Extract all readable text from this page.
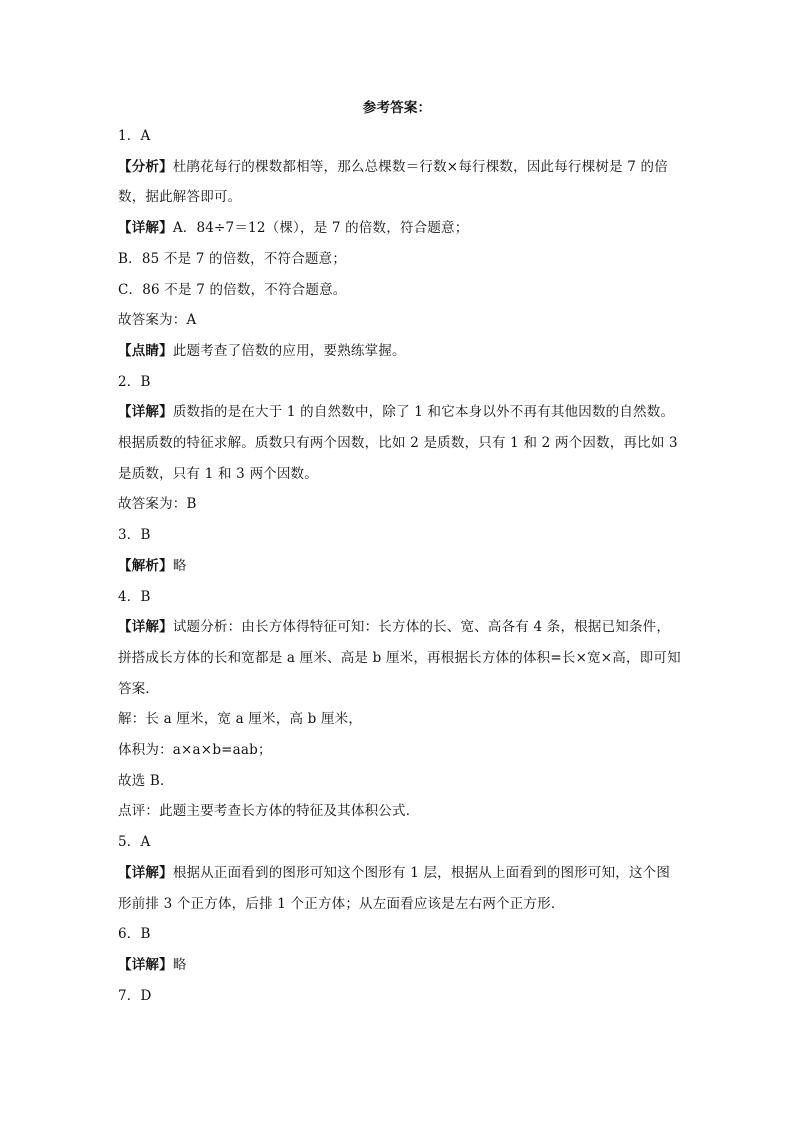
参考答案：
1．A
【分析】杜鹃花每行的棵数都相等，那么总棵数＝行数×每行棵数，因此每行棵树是 7 的倍
数，据此解答即可。
【详解】A．84÷7＝12（棵），是 7 的倍数，符合题意；
B．85 不是 7 的倍数，不符合题意；
C．86 不是 7 的倍数，不符合题意。
故答案为：A
【点睛】此题考查了倍数的应用，要熟练掌握。
2．B
【详解】质数指的是在大于 1 的自然数中，除了 1 和它本身以外不再有其他因数的自然数。
根据质数的特征求解。质数只有两个因数，比如 2 是质数，只有 1 和 2 两个因数，再比如 3
是质数，只有 1 和 3 两个因数。
故答案为：B
3．B
【解析】略
4．B
【详解】试题分析：由长方体得特征可知：长方体的长、宽、高各有 4 条，根据已知条件，
拼搭成长方体的长和宽都是 a 厘米、高是 b 厘米，再根据长方体的体积=长×宽×高，即可知
答案．
解：长 a 厘米，宽 a 厘米，高 b 厘米，
体积为：a×a×b=aab；
故选 B．
点评：此题主要考查长方体的特征及其体积公式．
5．A
【详解】根据从正面看到的图形可知这个图形有 1 层，根据从上面看到的图形可知，这个图
形前排 3 个正方体，后排 1 个正方体；从左面看应该是左右两个正方形．
6．B
【详解】略
7．D
